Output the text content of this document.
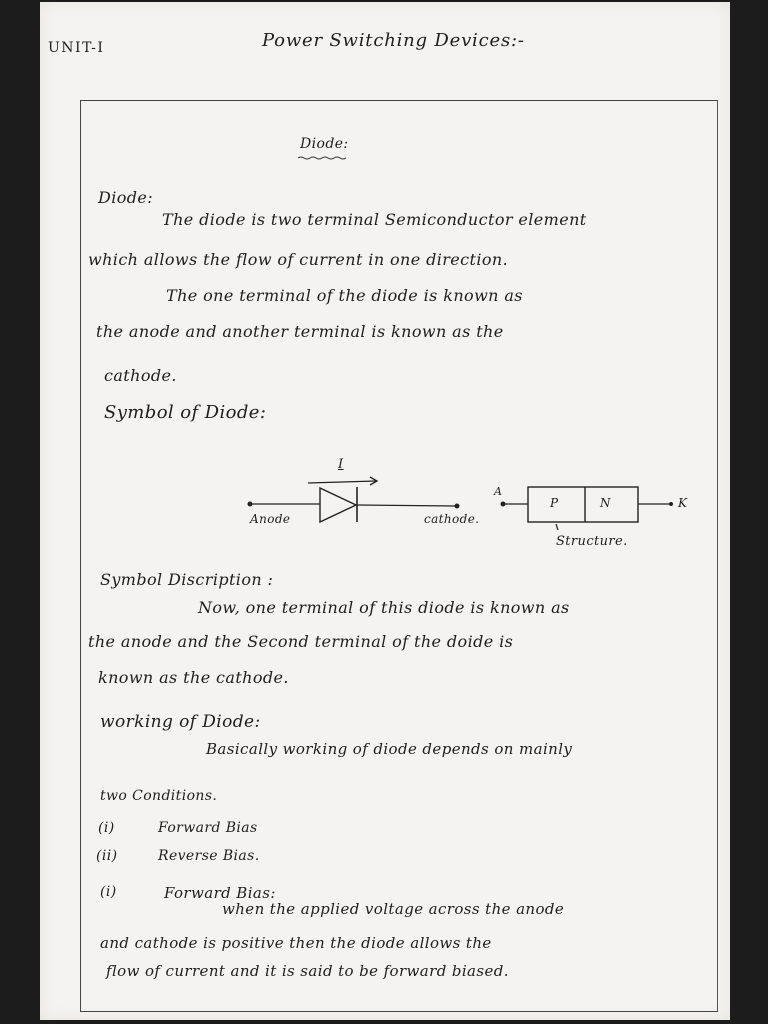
UNIT-I	Power Switching Devices:-
Diode:
Diode:
The diode is two terminal Semiconductor element
which allows the flow of current in one direction.
The one terminal of the diode is known as
the anode and another terminal is known as the
cathode.
Symbol of Diode:
I
Anode	cathode.
A
P	N	K
Structure.
Symbol Discription :
Now, one terminal of this diode is known as
the anode and the Second terminal of the doide is
known as the cathode.
working of Diode:
Basically working of diode depends on mainly
two Conditions.
(i)	Forward Bias
(ii)	Reverse Bias.
(i)	Forward Bias:
when the applied voltage across the anode
and cathode is positive then the diode allows the
flow of current and it is said to be forward biased.
